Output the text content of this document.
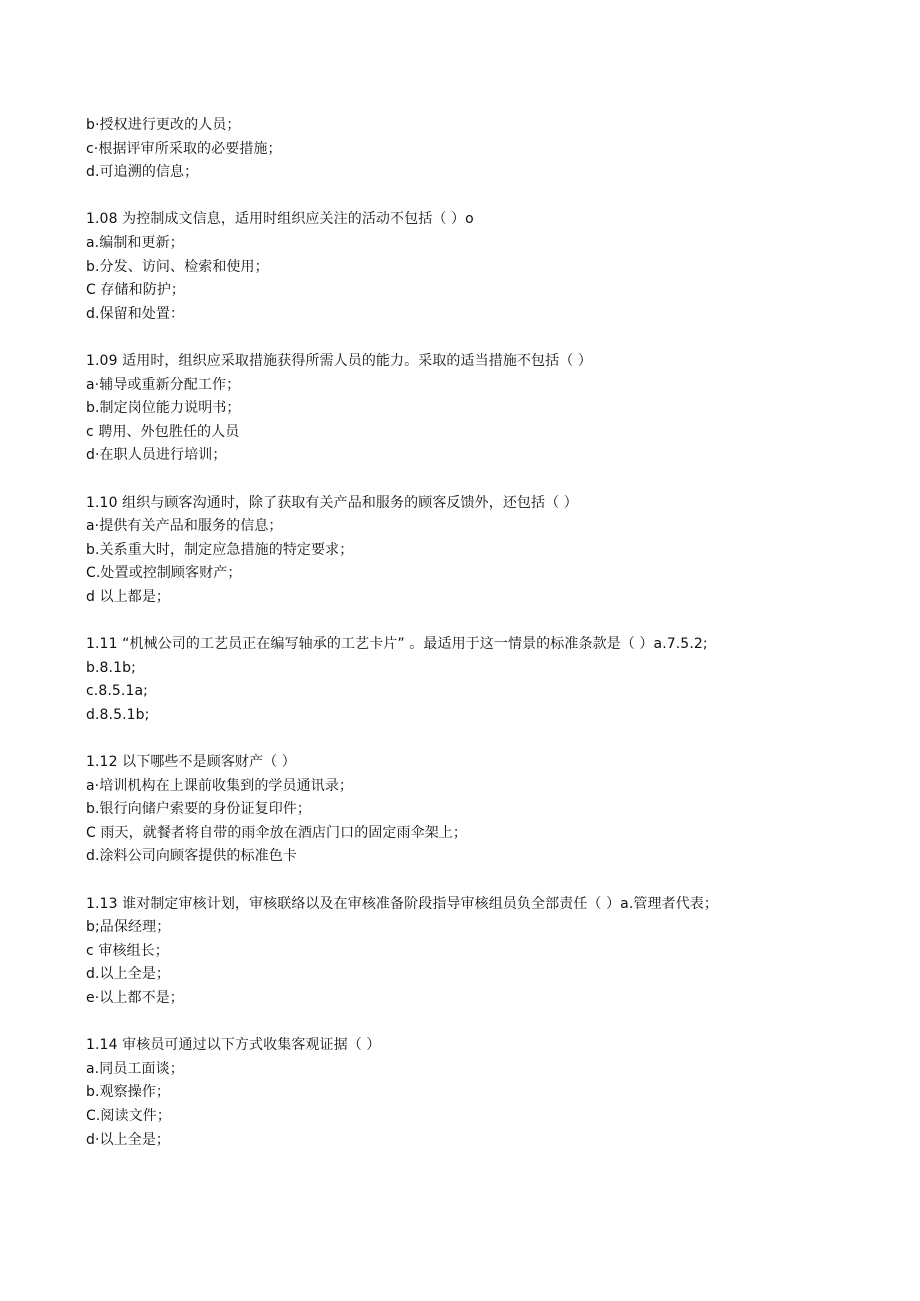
b·授权进行更改的人员；
c·根据评审所采取的必要措施；
d.可追溯的信息；
1.08 为控制成文信息，适用时组织应关注的活动不包括（ ）o
a.编制和更新；
b.分发、访问、检索和使用；
C 存储和防护；
d.保留和处置：
1.09 适用时，组织应采取措施获得所需人员的能力。采取的适当措施不包括（ ）
a·辅导或重新分配工作；
b.制定岗位能力说明书；
c 聘用、外包胜任的人员
d·在职人员进行培训；
1.10 组织与顾客沟通时，除了获取有关产品和服务的顾客反馈外，还包括（ ）
a·提供有关产品和服务的信息；
b.关系重大时，制定应急措施的特定要求；
C.处置或控制顾客财产；
d 以上都是；
1.11 “机械公司的工艺员正在编写轴承的工艺卡片” 。最适用于这一情景的标准条款是（ ）a.7.5.2;
b.8.1b;
c.8.5.1a;
d.8.5.1b;
1.12 以下哪些不是顾客财产（ ）
a·培训机构在上课前收集到的学员通讯录；
b.银行向储户索要的身份证复印件；
C 雨天，就餐者将自带的雨伞放在酒店门口的固定雨伞架上；
d.涂料公司向顾客提供的标准色卡
1.13 谁对制定审核计划，审核联络以及在审核准备阶段指导审核组员负全部责任（ ）a.管理者代表；
b;品保经理；
c 审核组长；
d.以上全是；
e·以上都不是；
1.14 审核员可通过以下方式收集客观证据（ ）
a.同员工面谈；
b.观察操作；
C.阅读文件；
d·以上全是；
